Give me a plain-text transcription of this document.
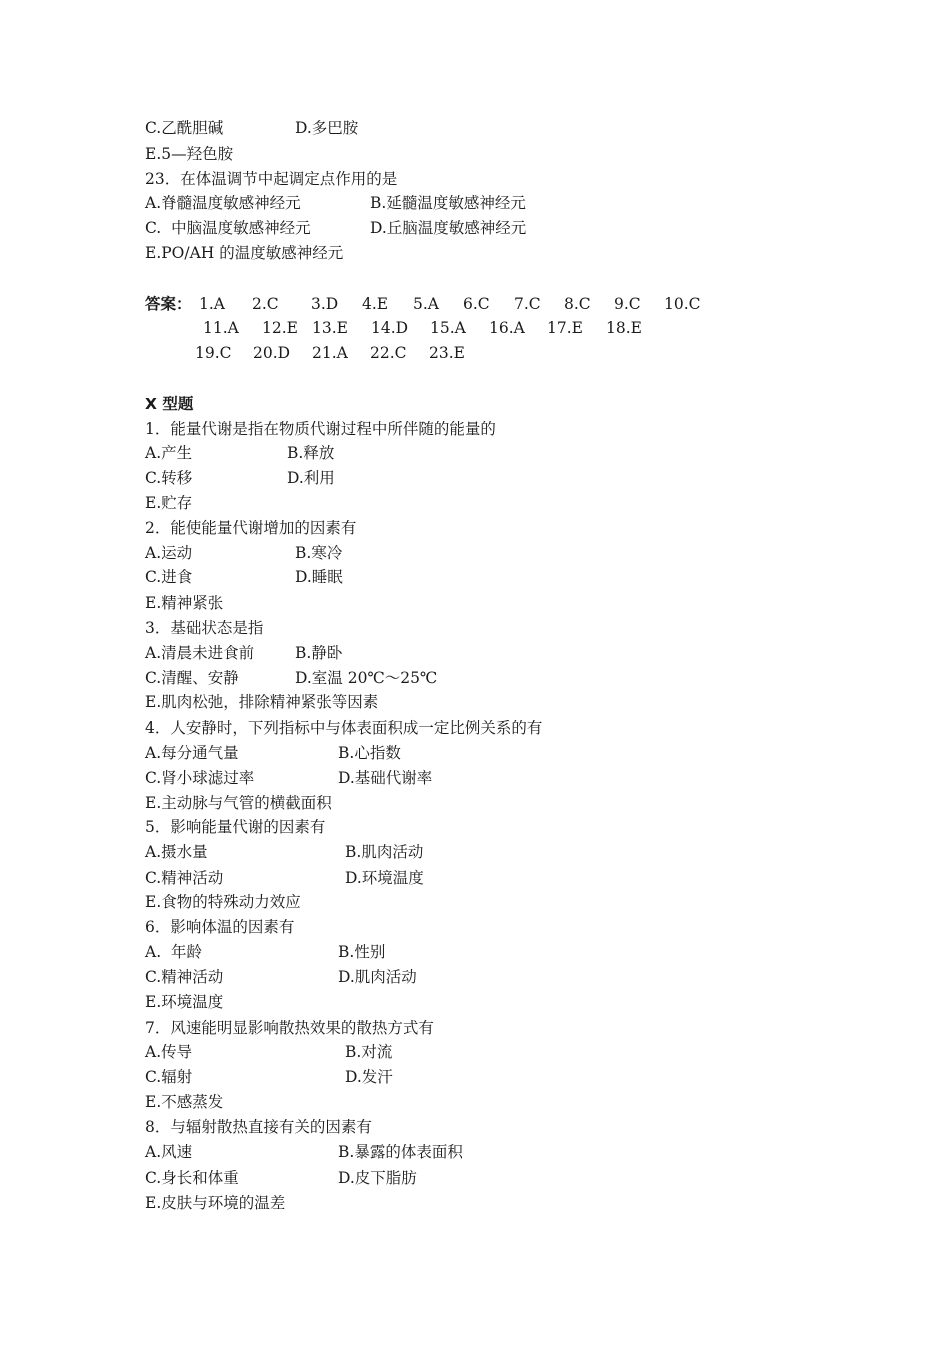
C.乙酰胆碱	D.多巴胺
E.5—羟色胺
23．在体温调节中起调定点作用的是
A.脊髓温度敏感神经元	B.延髓温度敏感神经元
C.  中脑温度敏感神经元	D.丘脑温度敏感神经元
E.PO/AH 的温度敏感神经元
答案： 1.A 2.C 3.D 4.E 5.A 6.C 7.C 8.C 9.C 10.C
11.A 12.E 13.E 14.D 15.A 16.A 17.E 18.E
19.C 20.D 21.A 22.C 23.E
X 型题
1．能量代谢是指在物质代谢过程中所伴随的能量的
A.产生	B.释放
C.转移	D.利用
E.贮存
2．能使能量代谢增加的因素有
A.运动	B.寒冷
C.进食	D.睡眠
E.精神紧张
3．基础状态是指
A.清晨未进食前	B.静卧
C.清醒、安静	D.室温 20℃～25℃
E.肌肉松弛，排除精神紧张等因素
4．人安静时，下列指标中与体表面积成一定比例关系的有
A.每分通气量	B.心指数
C.肾小球滤过率	D.基础代谢率
E.主动脉与气管的横截面积
5．影响能量代谢的因素有
A.摄水量	B.肌肉活动
C.精神活动	D.环境温度
E.食物的特殊动力效应
6．影响体温的因素有
A.  年龄	B.性别
C.精神活动	D.肌肉活动
E.环境温度
7．风速能明显影响散热效果的散热方式有
A.传导	B.对流
C.辐射	D.发汗
E.不感蒸发
8．与辐射散热直接有关的因素有
A.风速	B.暴露的体表面积
C.身长和体重	D.皮下脂肪
E.皮肤与环境的温差
